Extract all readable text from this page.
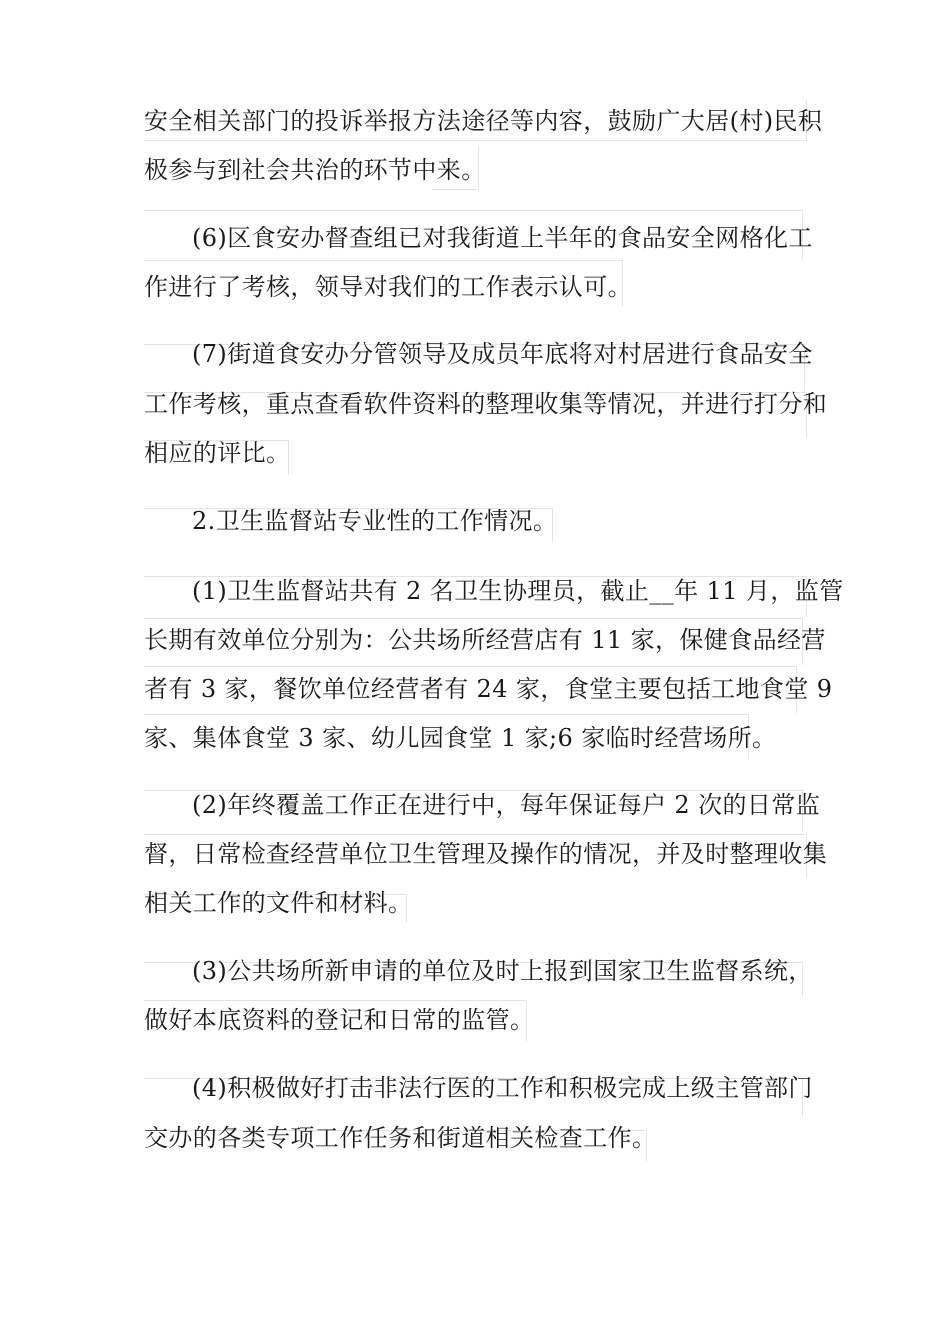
安全相关部门的投诉举报方法途径等内容，鼓励广大居(村)民积
极参与到社会共治的环节中来。
(6)区食安办督查组已对我街道上半年的食品安全网格化工
作进行了考核，领导对我们的工作表示认可。
(7)街道食安办分管领导及成员年底将对村居进行食品安全
工作考核，重点查看软件资料的整理收集等情况，并进行打分和
相应的评比。
2.卫生监督站专业性的工作情况。
(1)卫生监督站共有 2 名卫生协理员，截止__年 11 月，监管
长期有效单位分别为：公共场所经营店有 11 家，保健食品经营
者有 3 家，餐饮单位经营者有 24 家，食堂主要包括工地食堂 9
家、集体食堂 3 家、幼儿园食堂 1 家;6 家临时经营场所。
(2)年终覆盖工作正在进行中，每年保证每户 2 次的日常监
督，日常检查经营单位卫生管理及操作的情况，并及时整理收集
相关工作的文件和材料。
(3)公共场所新申请的单位及时上报到国家卫生监督系统，
做好本底资料的登记和日常的监管。
(4)积极做好打击非法行医的工作和积极完成上级主管部门
交办的各类专项工作任务和街道相关检查工作。
